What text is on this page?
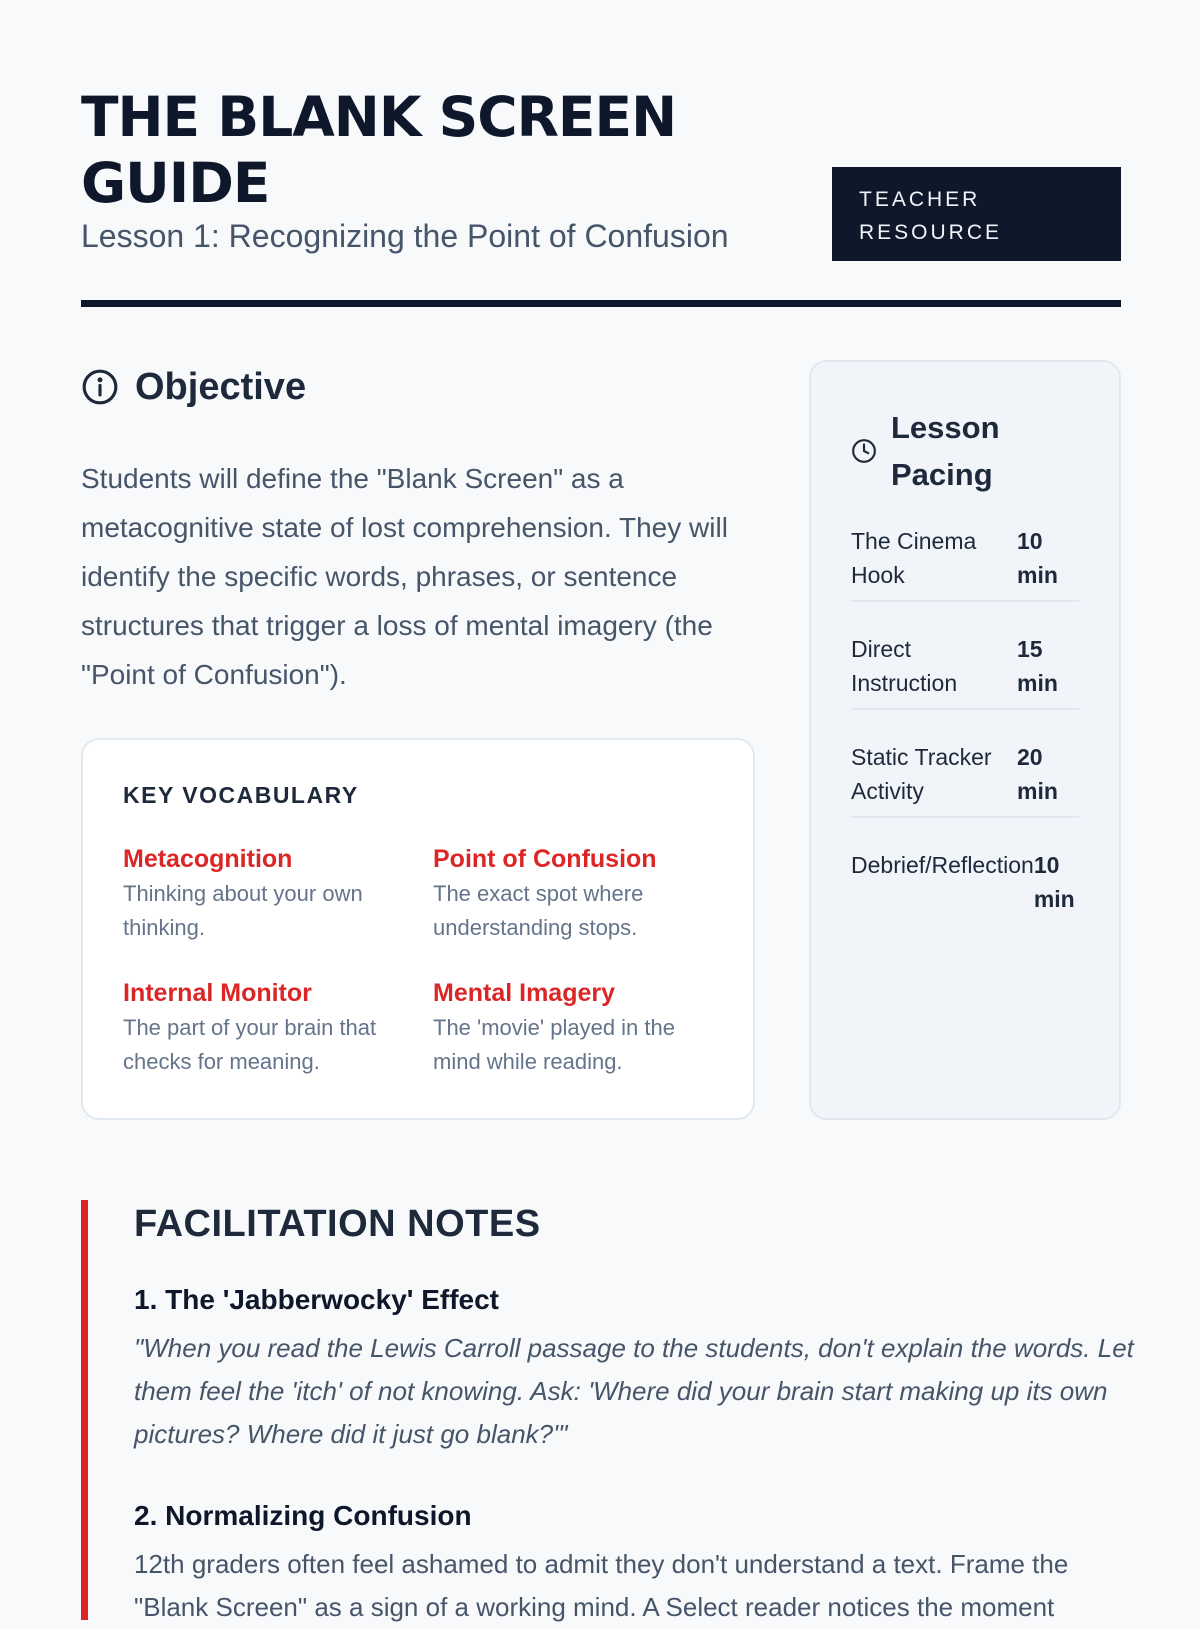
THE BLANK SCREEN GUIDE
Lesson 1: Recognizing the Point of Confusion
TEACHER RESOURCE
Objective

Students will define the "Blank Screen" as a metacognitive state of lost comprehension. They will identify the specific words, phrases, or sentence structures that trigger a loss of mental imagery (the "Point of Confusion").

KEY VOCABULARY
Metacognition
Thinking about your own thinking.
Point of Confusion
The exact spot where understanding stops.
Internal Monitor
The part of your brain that checks for meaning.
Mental Imagery
The 'movie' played in the mind while reading.
Lesson Pacing
The Cinema Hook
10 min
Direct Instruction
15 min
Static Tracker Activity
20 min
Debrief/Reflection 10 min
FACILITATION NOTES
1. The 'Jabberwocky' Effect

"When you read the Lewis Carroll passage to the students, don't explain the words. Let them feel the 'itch' of not knowing. Ask: 'Where did your brain start making up its own pictures? Where did it just go blank?'"

2. Normalizing Confusion

12th graders often feel ashamed to admit they don't understand a text. Frame the "Blank Screen" as a sign of a working mind. A Select reader notices the moment
